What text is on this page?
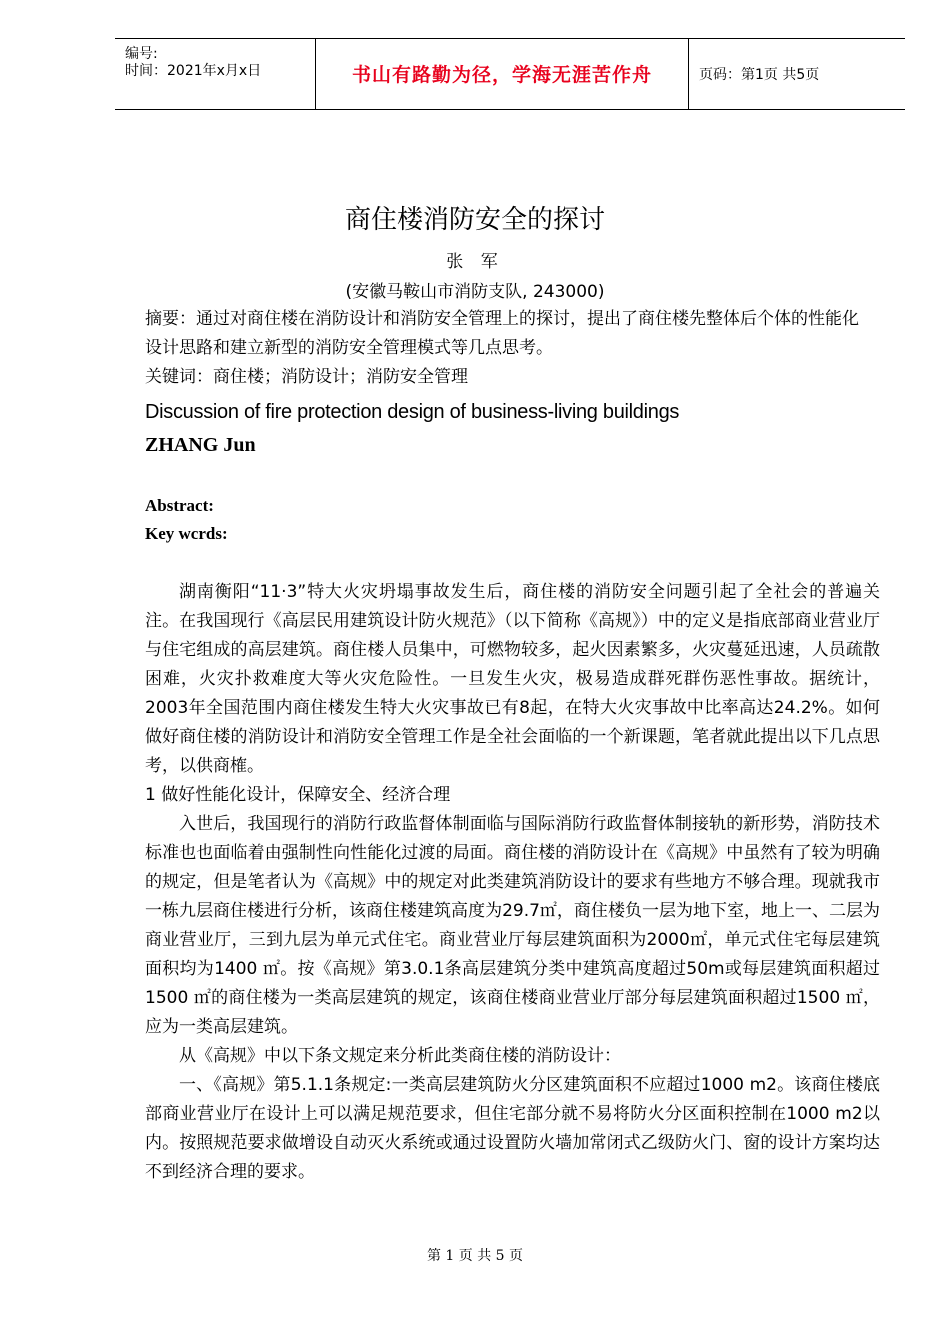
编号:
时间：2021年x月x日	书山有路勤为径，学海无涯苦作舟	页码：第1页 共5页
商住楼消防安全的探讨
张 军
(安徽马鞍山市消防支队, 243000)
摘要：通过对商住楼在消防设计和消防安全管理上的探讨，提出了商住楼先整体后个体的性能化设计思路和建立新型的消防安全管理模式等几点思考。
关键词：商住楼；消防设计；消防安全管理
Discussion of fire protection design of business-living buildings
ZHANG Jun
Abstract:
Key wcrds:

湖南衡阳“11·3”特大火灾坍塌事故发生后，商住楼的消防安全问题引起了全社会的普遍关注。在我国现行《高层民用建筑设计防火规范》（以下简称《高规》）中的定义是指底部商业营业厅与住宅组成的高层建筑。商住楼人员集中，可燃物较多，起火因素繁多，火灾蔓延迅速，人员疏散困难，火灾扑救难度大等火灾危险性。一旦发生火灾，极易造成群死群伤恶性事故。据统计，2003年全国范围内商住楼发生特大火灾事故已有8起，在特大火灾事故中比率高达24.2%。如何做好商住楼的消防设计和消防安全管理工作是全社会面临的一个新课题，笔者就此提出以下几点思考，以供商榷。

1 做好性能化设计，保障安全、经济合理

入世后，我国现行的消防行政监督体制面临与国际消防行政监督体制接轨的新形势，消防技术标准也也面临着由强制性向性能化过渡的局面。商住楼的消防设计在《高规》中虽然有了较为明确的规定，但是笔者认为《高规》中的规定对此类建筑消防设计的要求有些地方不够合理。现就我市一栋九层商住楼进行分析，该商住楼建筑高度为29.7㎡，商住楼负一层为地下室，地上一、二层为商业营业厅，三到九层为单元式住宅。商业营业厅每层建筑面积为2000㎡，单元式住宅每层建筑面积均为1400 ㎡。按《高规》第3.0.1条高层建筑分类中建筑高度超过50m或每层建筑面积超过1500 ㎡的商住楼为一类高层建筑的规定，该商住楼商业营业厅部分每层建筑面积超过1500 ㎡，应为一类高层建筑。

从《高规》中以下条文规定来分析此类商住楼的消防设计：

一、《高规》第5.1.1条规定:一类高层建筑防火分区建筑面积不应超过1000 m2。该商住楼底部商业营业厅在设计上可以满足规范要求，但住宅部分就不易将防火分区面积控制在1000 m2以内。按照规范要求做增设自动灭火系统或通过设置防火墙加常闭式乙级防火门、窗的设计方案均达不到经济合理的要求。

第 1 页 共 5 页
